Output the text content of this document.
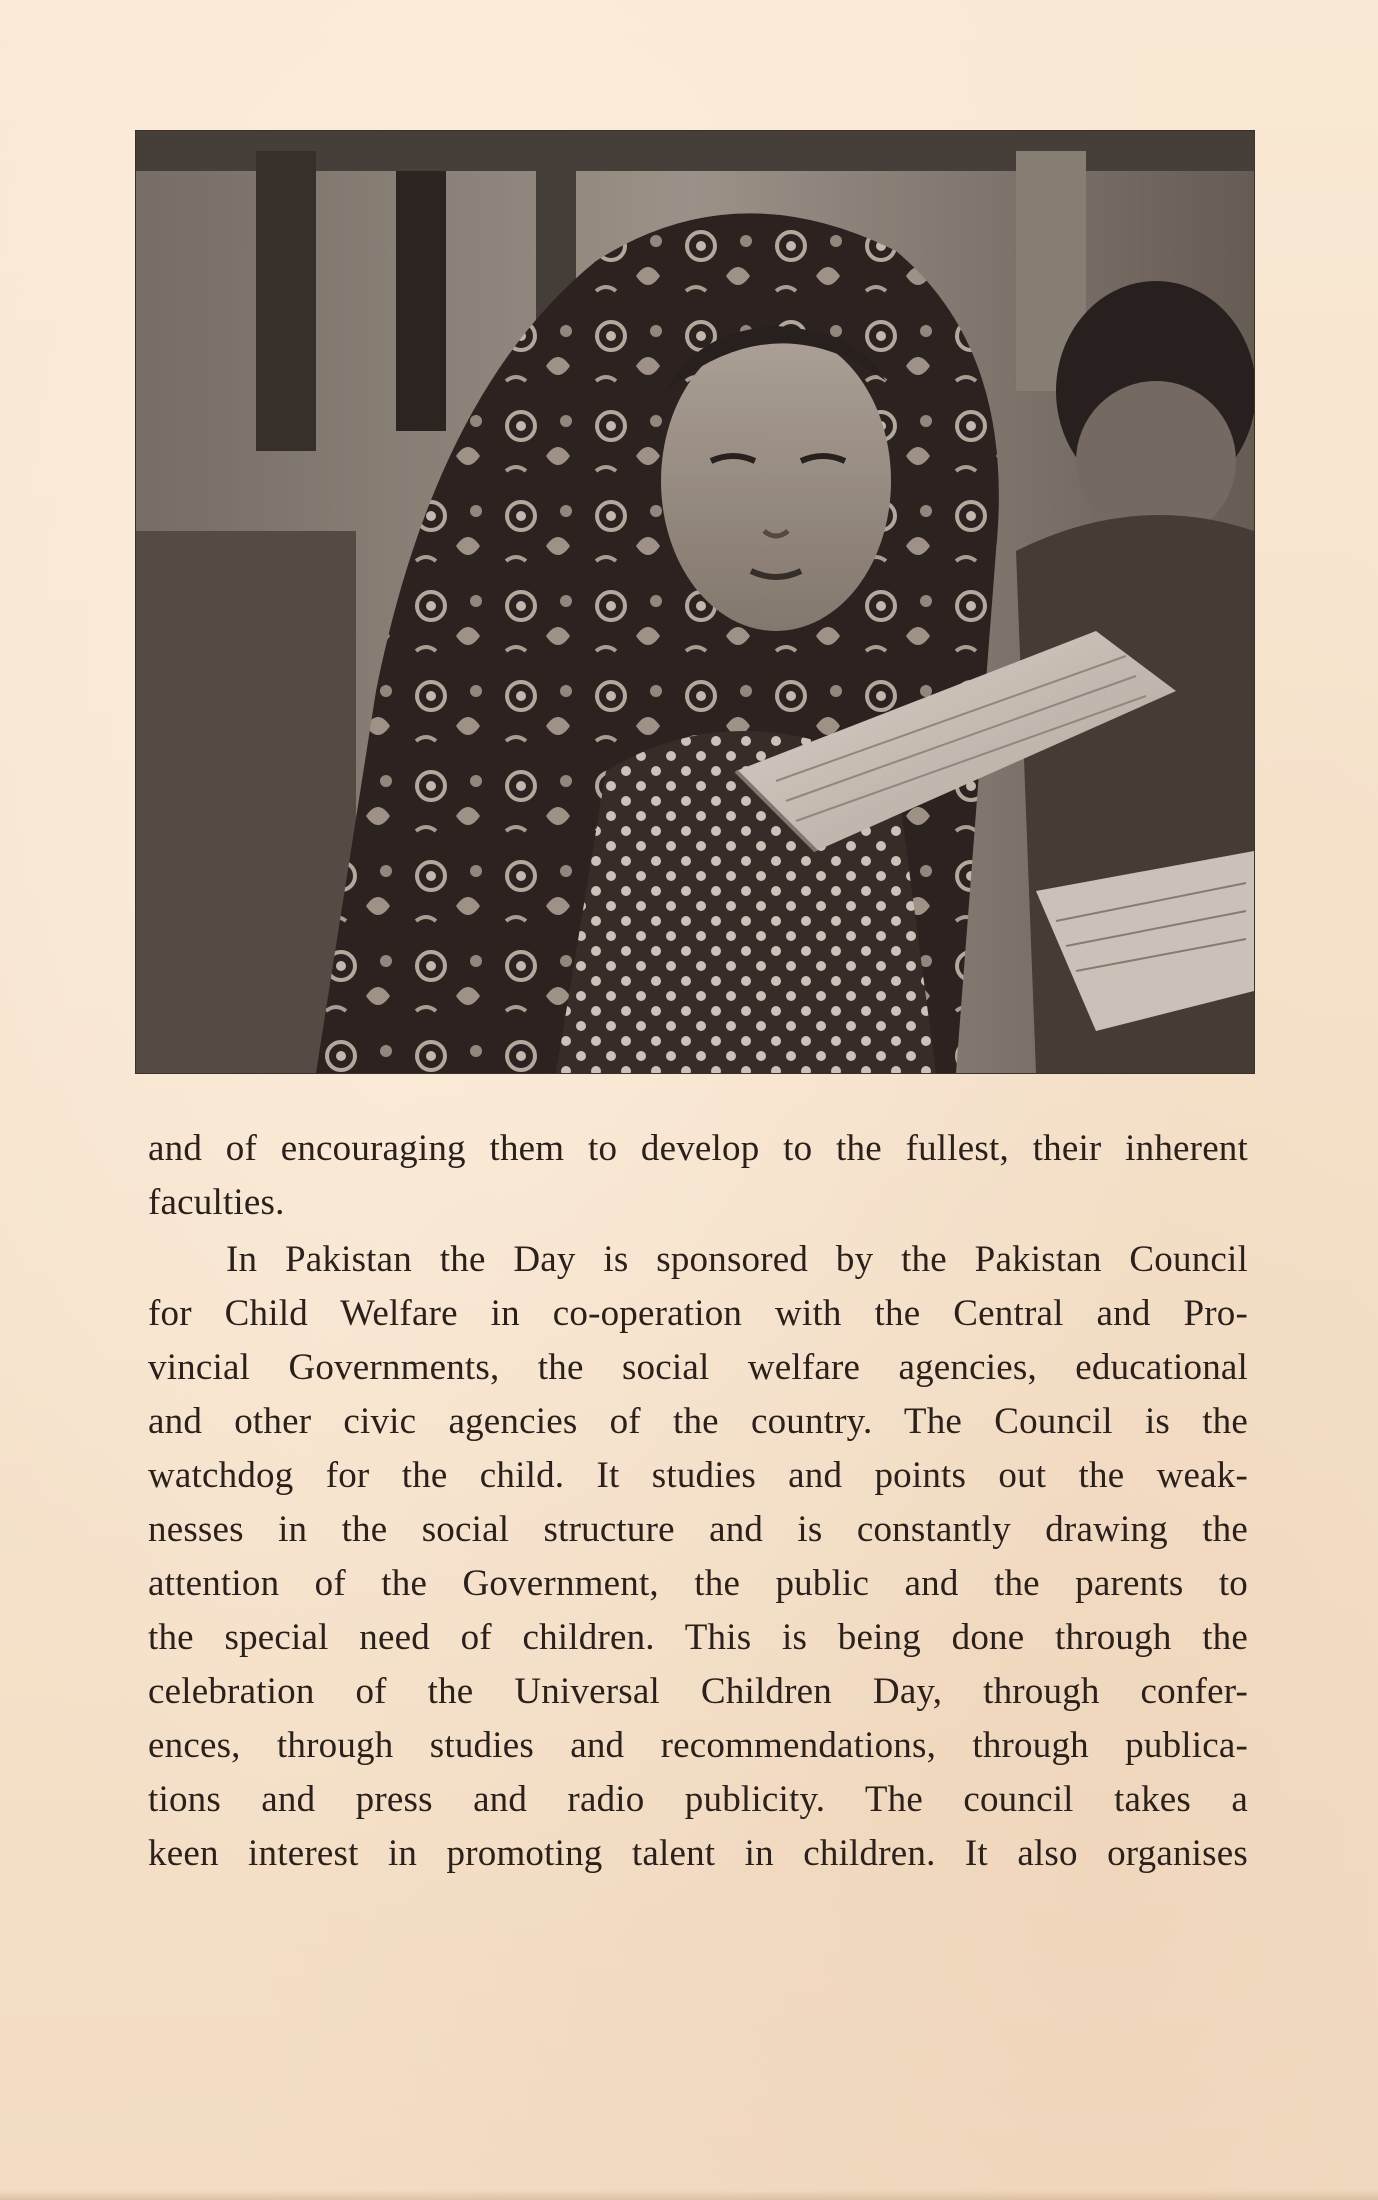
and of encouraging them to develop to the fullest, their inherent
faculties.
In Pakistan the Day is sponsored by the Pakistan Council
for Child Welfare in co-operation with the Central and Pro-
vincial Governments, the social welfare agencies, educational
and other civic agencies of the country. The Council is the
watchdog for the child. It studies and points out the weak-
nesses in the social structure and is constantly drawing the
attention of the Government, the public and the parents to
the special need of children. This is being done through the
celebration of the Universal Children Day, through confer-
ences, through studies and recommendations, through publica-
tions and press and radio publicity. The council takes a
keen interest in promoting talent in children. It also organises
